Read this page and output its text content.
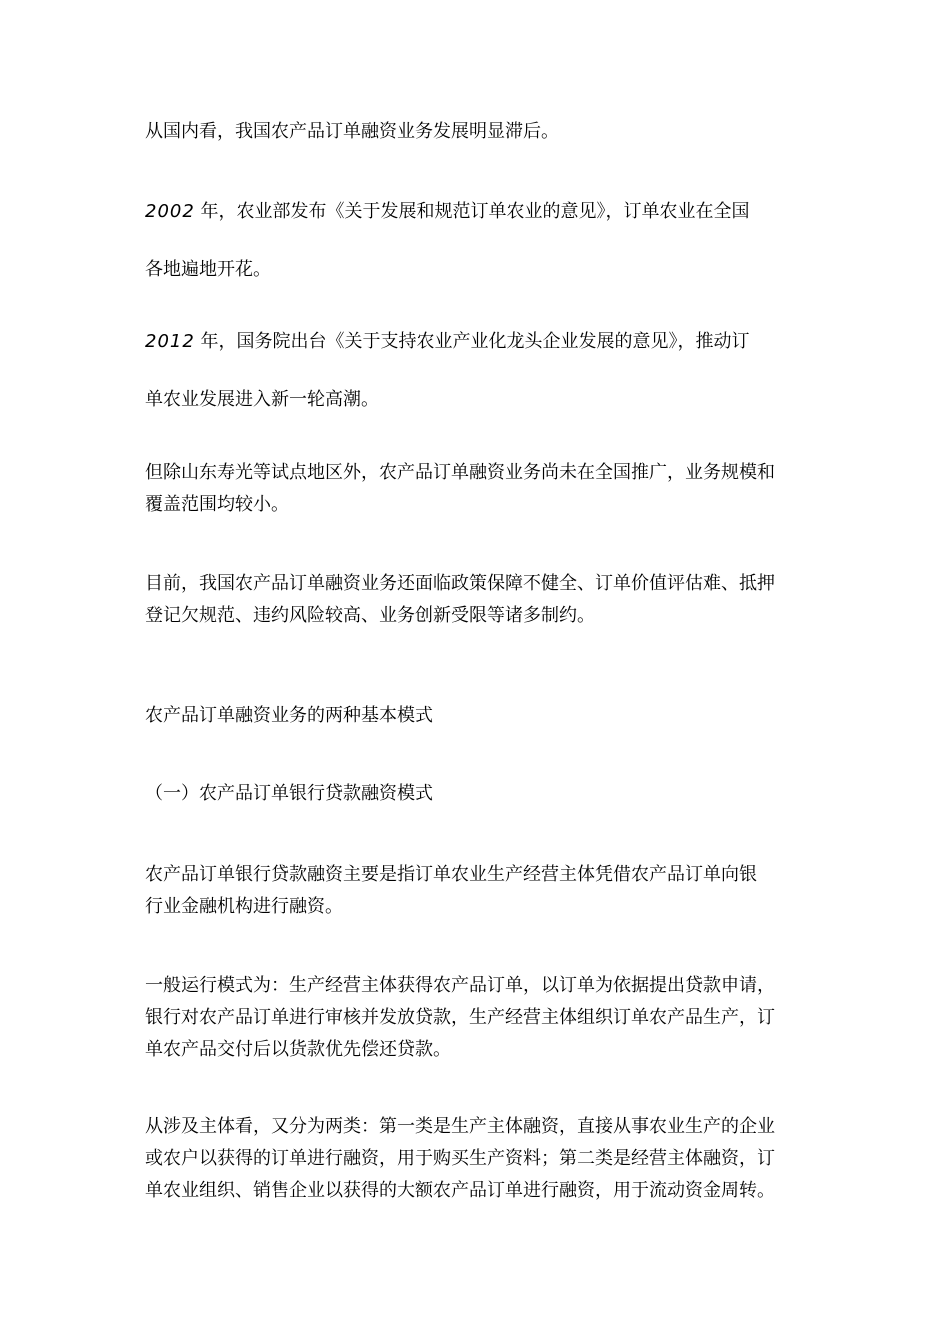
从国内看，我国农产品订单融资业务发展明显滞后。

2002 年，农业部发布《关于发展和规范订单农业的意见》，订单农业在全国
各地遍地开花。

2012 年，国务院出台《关于支持农业产业化龙头企业发展的意见》，推动订
单农业发展进入新一轮高潮。

但除山东寿光等试点地区外，农产品订单融资业务尚未在全国推广，业务规模和
覆盖范围均较小。

目前，我国农产品订单融资业务还面临政策保障不健全、订单价值评估难、抵押
登记欠规范、违约风险较高、业务创新受限等诸多制约。

农产品订单融资业务的两种基本模式

（一）农产品订单银行贷款融资模式

农产品订单银行贷款融资主要是指订单农业生产经营主体凭借农产品订单向银
行业金融机构进行融资。

一般运行模式为：生产经营主体获得农产品订单，以订单为依据提出贷款申请，
银行对农产品订单进行审核并发放贷款，生产经营主体组织订单农产品生产，订
单农产品交付后以货款优先偿还贷款。

从涉及主体看，又分为两类：第一类是生产主体融资，直接从事农业生产的企业
或农户以获得的订单进行融资，用于购买生产资料；第二类是经营主体融资，订
单农业组织、销售企业以获得的大额农产品订单进行融资，用于流动资金周转。
